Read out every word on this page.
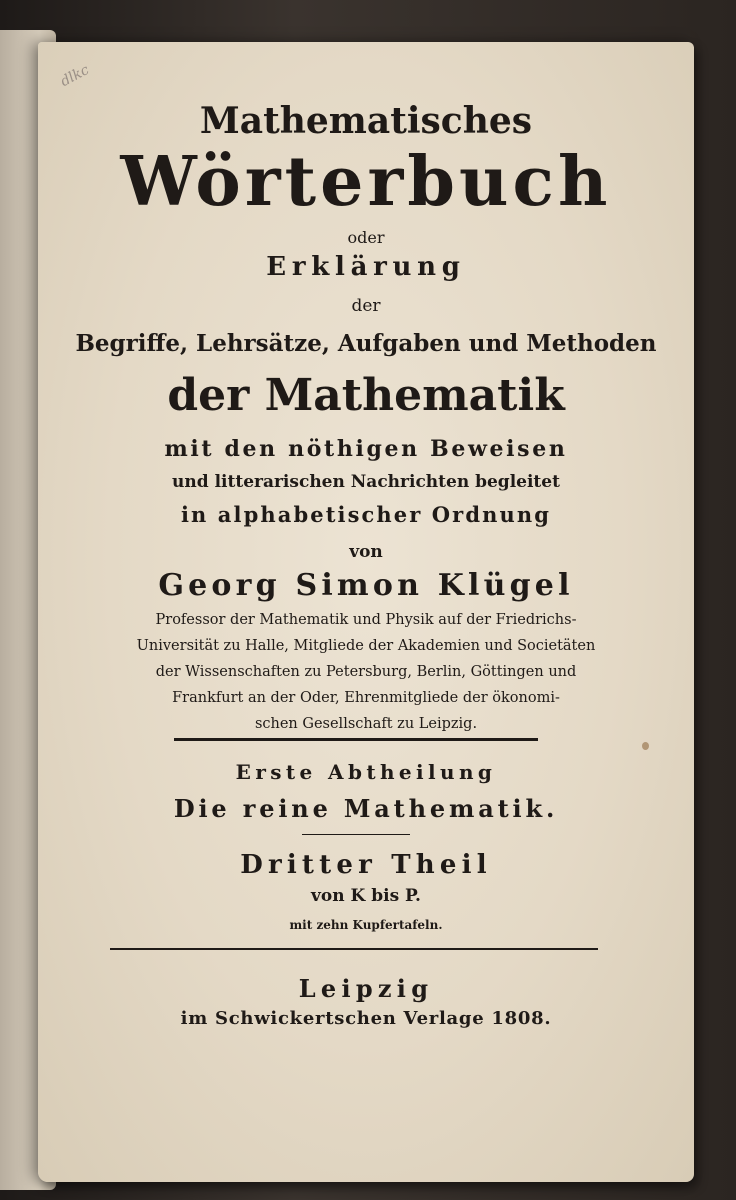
dlkc
Mathematisches
Wörterbuch
oder
Erklärung
der
Begriffe, Lehrsätze, Aufgaben und Methoden
der Mathematik
mit den nöthigen Beweisen
und litterarischen Nachrichten begleitet
in alphabetischer Ordnung
von
Georg Simon Klügel
Professor der Mathematik und Physik auf der Friedrichs-
Universität zu Halle, Mitgliede der Akademien und Societäten
der Wissenschaften zu Petersburg, Berlin, Göttingen und
Frankfurt an der Oder, Ehrenmitgliede der ökonomi-
schen Gesellschaft zu Leipzig.
Erste Abtheilung
Die reine Mathematik.
Dritter Theil
von K bis P.
mit zehn Kupfertafeln.
Leipzig
im Schwickertschen Verlage 1808.
